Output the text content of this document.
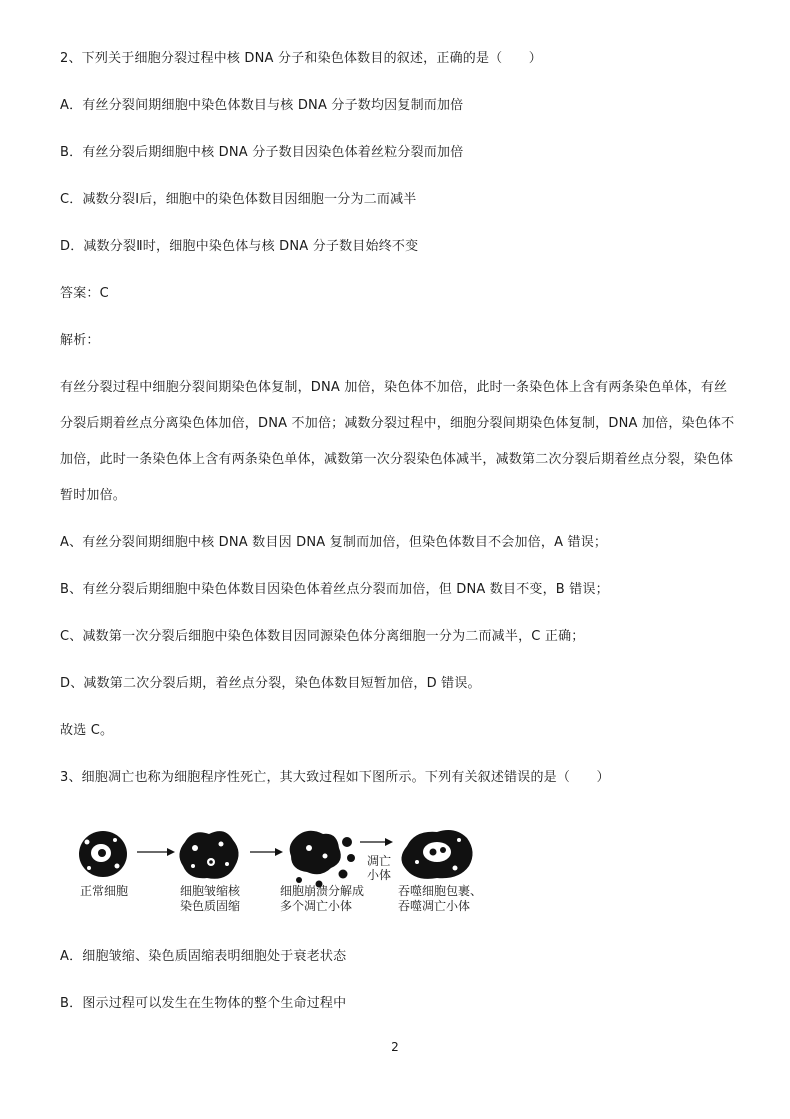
2、下列关于细胞分裂过程中核 DNA 分子和染色体数目的叙述，正确的是（　　）
A．有丝分裂间期细胞中染色体数目与核 DNA 分子数均因复制而加倍
B．有丝分裂后期细胞中核 DNA 分子数目因染色体着丝粒分裂而加倍
C．减数分裂Ⅰ后，细胞中的染色体数目因细胞一分为二而减半
D．减数分裂Ⅱ时，细胞中染色体与核 DNA 分子数目始终不变
答案：C
解析：
有丝分裂过程中细胞分裂间期染色体复制，DNA 加倍，染色体不加倍，此时一条染色体上含有两条染色单体，有丝分裂后期着丝点分离染色体加倍，DNA 不加倍；减数分裂过程中，细胞分裂间期染色体复制，DNA 加倍，染色体不加倍，此时一条染色体上含有两条染色单体，减数第一次分裂染色体减半，减数第二次分裂后期着丝点分裂，染色体暂时加倍。
A、有丝分裂间期细胞中核 DNA 数目因 DNA 复制而加倍，但染色体数目不会加倍，A 错误；
B、有丝分裂后期细胞中染色体数目因染色体着丝点分裂而加倍，但 DNA 数目不变，B 错误；
C、减数第一次分裂后细胞中染色体数目因同源染色体分离细胞一分为二而减半，C 正确；
D、减数第二次分裂后期，着丝点分裂，染色体数目短暂加倍，D 错误。
故选 C。
3、细胞凋亡也称为细胞程序性死亡，其大致过程如下图所示。下列有关叙述错误的是（　　）
凋亡
小体
正常细胞	细胞皱缩核
染色质固缩
细胞崩溃分解成
多个凋亡小体
吞噬细胞包裹、
吞噬凋亡小体
A．细胞皱缩、染色质固缩表明细胞处于衰老状态
B．图示过程可以发生在生物体的整个生命过程中
2
